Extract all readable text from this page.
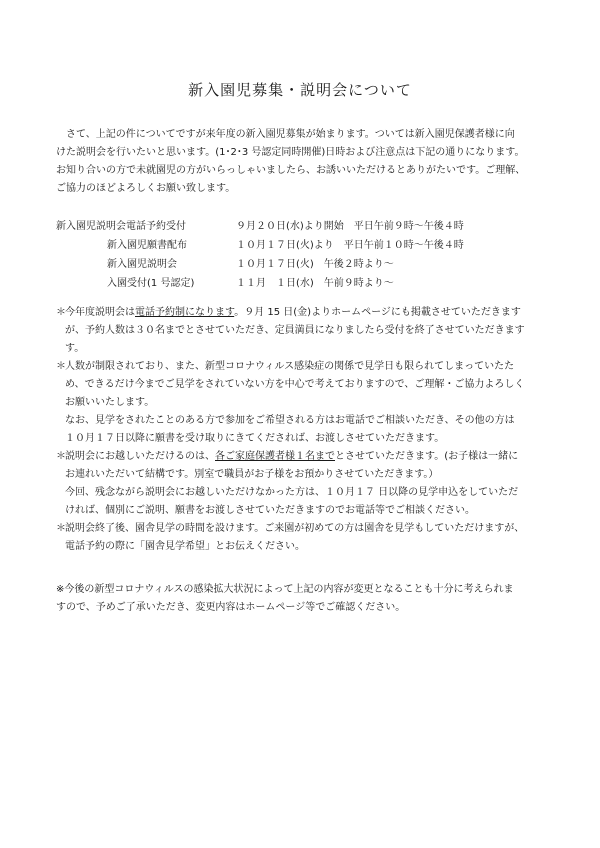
新入園児募集・説明会について
　さて、上記の件についてですが来年度の新入園児募集が始まります。ついては新入園児保護者様に向
けた説明会を行いたいと思います。(1･2･3 号認定同時開催)日時および注意点は下記の通りになります。
お知り合いの方で未就園児の方がいらっしゃいましたら、お誘いいただけるとありがたいです。ご理解、
ご協力のほどよろしくお願い致します。
新入園児説明会電話予約受付	９月２０日(水)より開始　平日午前９時～午後４時
新入園児願書配布	１０月１７日(火)より　平日午前１０時～午後４時
新入園児説明会	１０月１７日(火)　午後２時より～
入園受付(1 号認定)	１１月　１日(水)　午前９時より～
＊ 今年度説明会は電話予約制になります。９月 15 日(金)よりホームページにも掲載させていただきます
が、予約人数は３０名までとさせていただき、定員満員になりましたら受付を終了させていただきます
す。
＊ 人数が制限されており、また、新型コロナウィルス感染症の関係で見学日も限られてしまっていたた
め、できるだけ今までご見学をされていない方を中心で考えておりますので、ご理解・ご協力よろしく
お願いいたします。
なお、見学をされたことのある方で参加をご希望される方はお電話でご相談いただき、その他の方は
１０月１７日以降に願書を受け取りにきてくだされば、お渡しさせていただきます。
＊ 説明会にお越しいただけるのは、各ご家庭保護者様１名までとさせていただきます。(お子様は一緒に
お連れいただいて結構です。別室で職員がお子様をお預かりさせていただきます。）
今回、残念ながら説明会にお越しいただけなかった方は、１０月１７ 日以降の見学申込をしていただ
ければ、個別にご説明、願書をお渡しさせていただきますのでお電話等でご相談ください。
＊ 説明会終了後、園舎見学の時間を設けます。ご来園が初めての方は園舎を見学もしていただけますが、
電話予約の際に「園舎見学希望」とお伝えください。
※今後の新型コロナウィルスの感染拡大状況によって上記の内容が変更となることも十分に考えられま
すので、予めご了承いただき、変更内容はホームページ等でご確認ください。
